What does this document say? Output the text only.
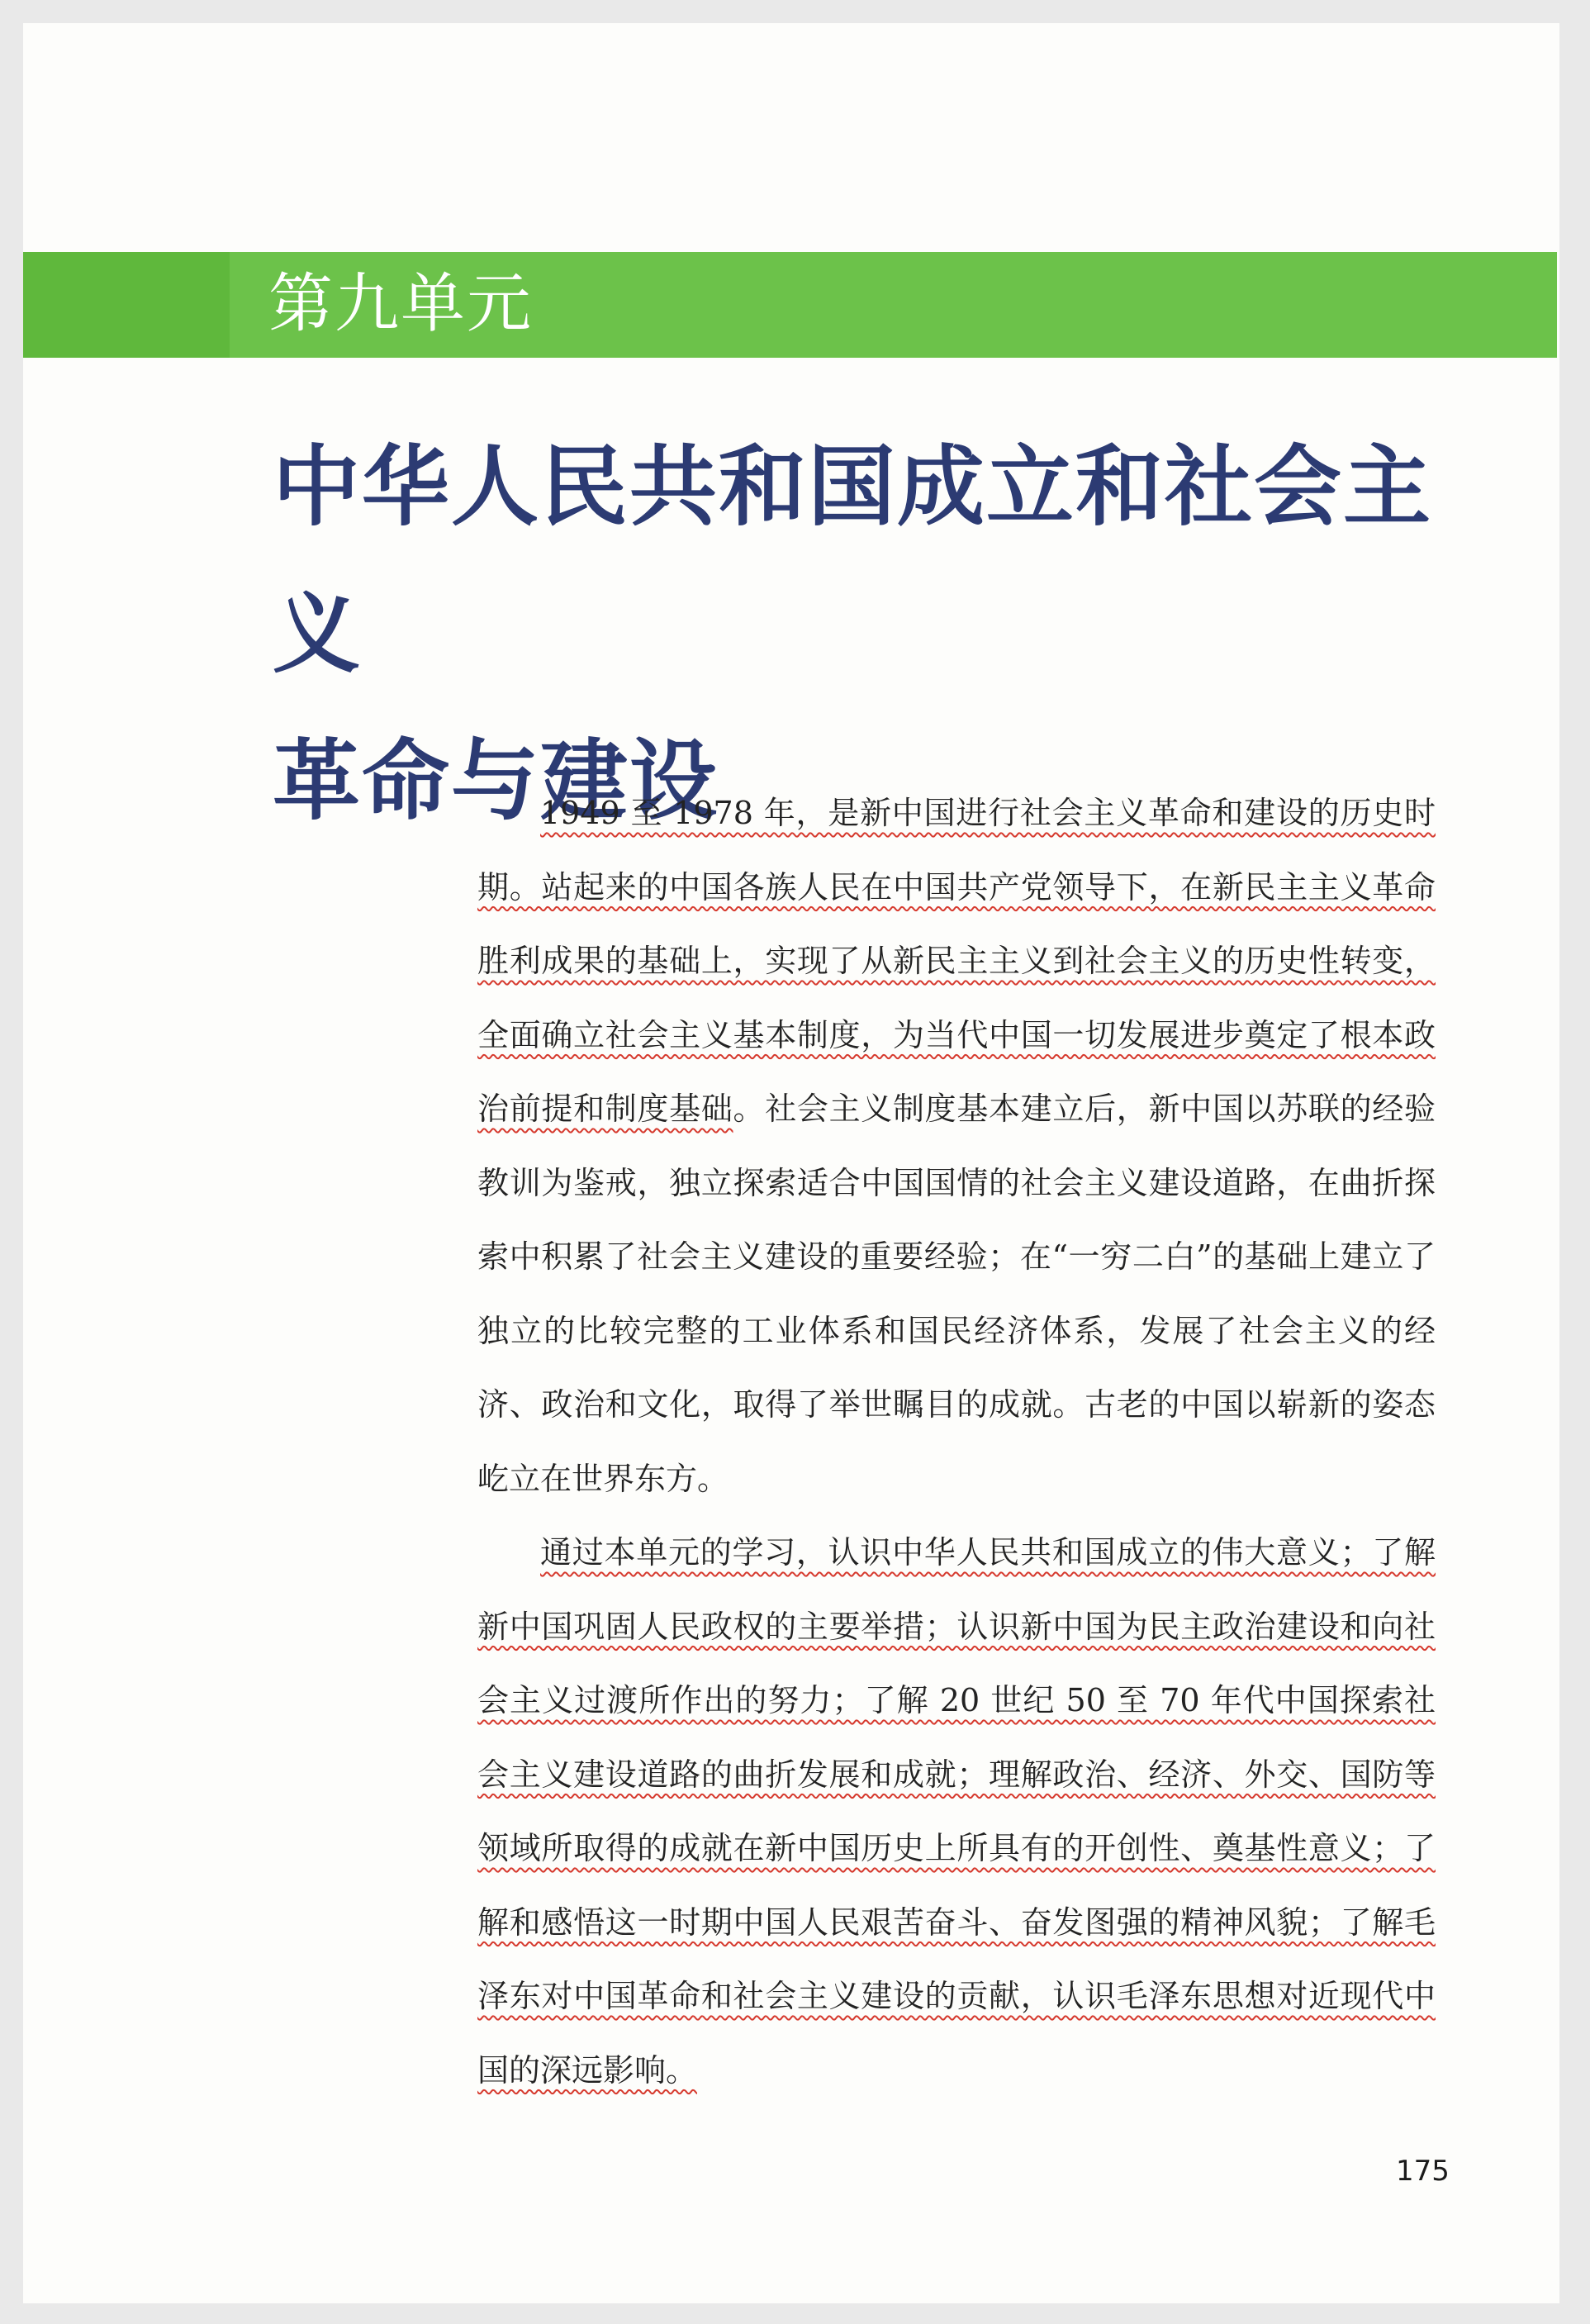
第九单元
中华人民共和国成立和社会主义
革命与建设

1949 至 1978 年，是新中国进行社会主义革命和建设的历史时期。站起来的中国各族人民在中国共产党领导下，在新民主主义革命胜利成果的基础上，实现了从新民主主义到社会主义的历史性转变，全面确立社会主义基本制度，为当代中国一切发展进步奠定了根本政治前提和制度基础。社会主义制度基本建立后，新中国以苏联的经验教训为鉴戒，独立探索适合中国国情的社会主义建设道路，在曲折探索中积累了社会主义建设的重要经验；在“一穷二白”的基础上建立了独立的比较完整的工业体系和国民经济体系，发展了社会主义的经济、政治和文化，取得了举世瞩目的成就。古老的中国以崭新的姿态屹立在世界东方。

通过本单元的学习，认识中华人民共和国成立的伟大意义；了解新中国巩固人民政权的主要举措；认识新中国为民主政治建设和向社会主义过渡所作出的努力；了解 20 世纪 50 至 70 年代中国探索社会主义建设道路的曲折发展和成就；理解政治、经济、外交、国防等领域所取得的成就在新中国历史上所具有的开创性、奠基性意义；了解和感悟这一时期中国人民艰苦奋斗、奋发图强的精神风貌；了解毛泽东对中国革命和社会主义建设的贡献，认识毛泽东思想对近现代中国的深远影响。

175
